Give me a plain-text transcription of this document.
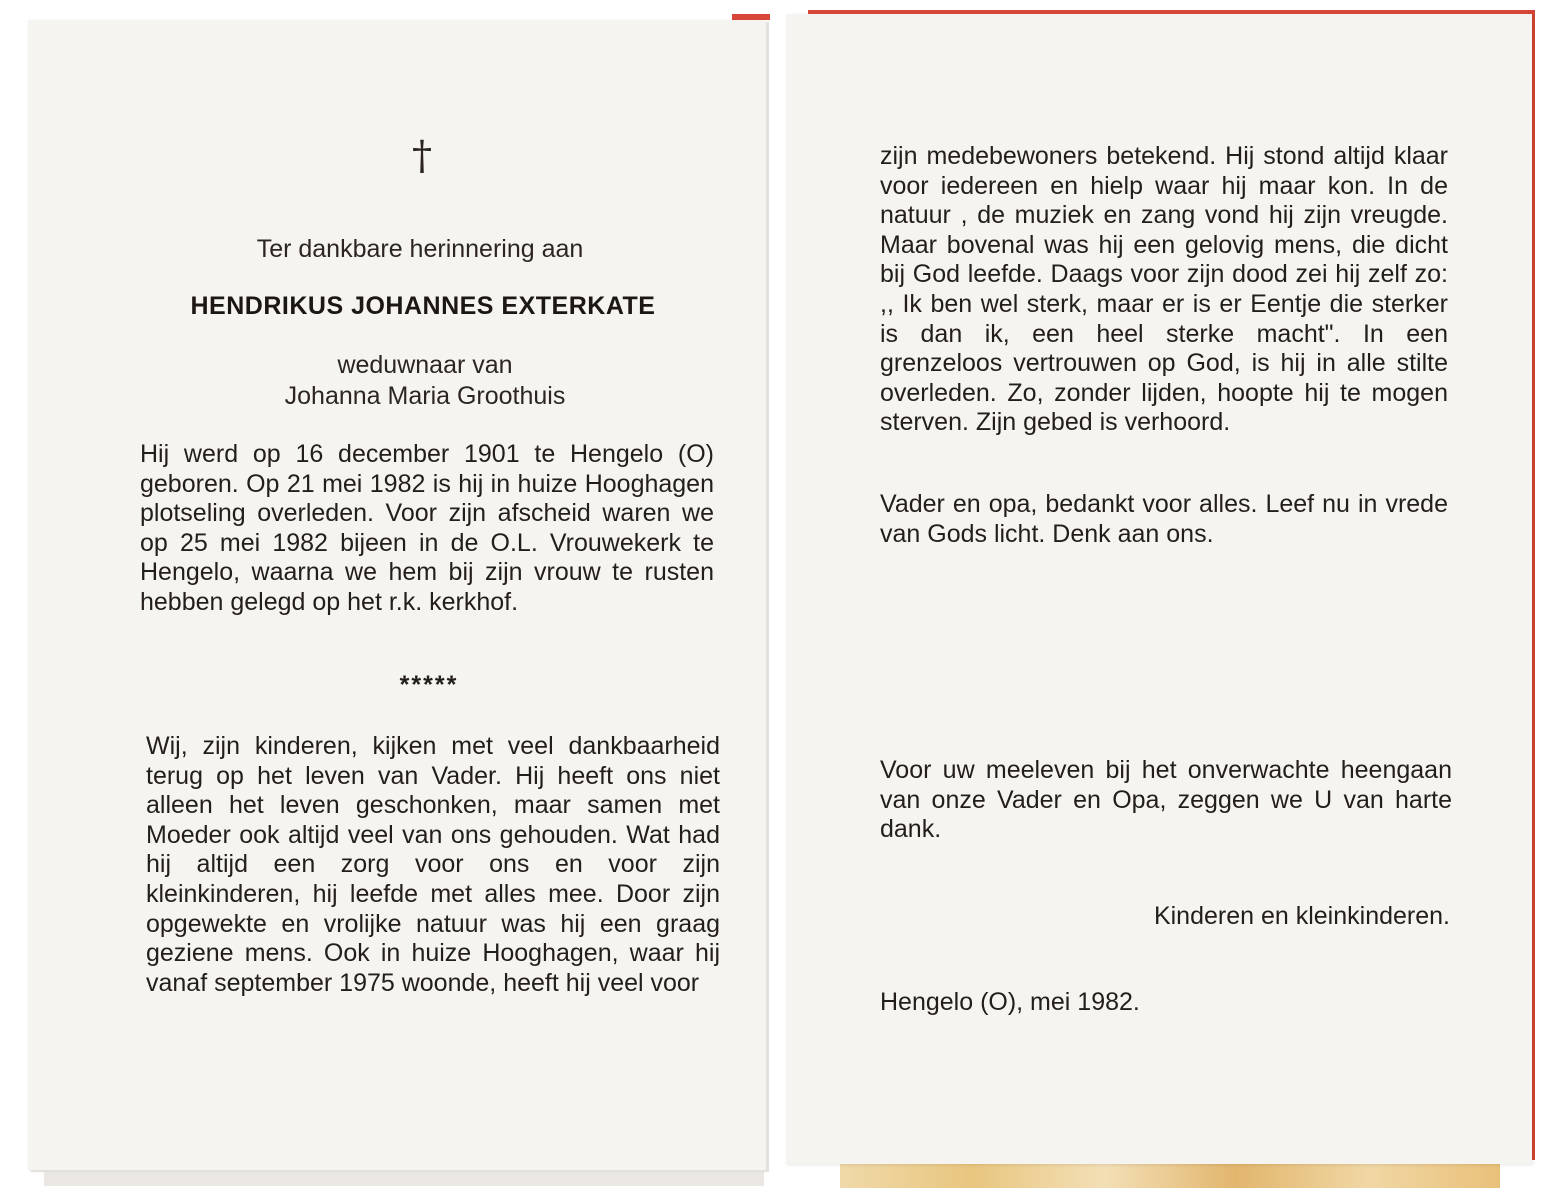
†
Ter dankbare herinnering aan
HENDRIKUS JOHANNES EXTERKATE
weduwnaar van
Johanna Maria Groothuis

Hij werd op 16 december 1901 te Hengelo (O) geboren. Op 21 mei 1982 is hij in huize Hooghagen plotseling overleden. Voor zijn afscheid waren we op 25 mei 1982 bijeen in de O.L. Vrouwekerk te Hengelo, waarna we hem bij zijn vrouw te rusten hebben gelegd op het r.k. kerkhof.

*****

Wij, zijn kinderen, kijken met veel dankbaarheid terug op het leven van Vader. Hij heeft ons niet alleen het leven geschonken, maar samen met Moeder ook altijd veel van ons gehouden. Wat had hij altijd een zorg voor ons en voor zijn kleinkinderen, hij leefde met alles mee. Door zijn opgewekte en vrolijke natuur was hij een graag geziene mens. Ook in huize Hooghagen, waar hij vanaf september 1975 woonde, heeft hij veel voor

zijn medebewoners betekend. Hij stond altijd klaar voor iedereen en hielp waar hij maar kon. In de natuur , de muziek en zang vond hij zijn vreugde. Maar bovenal was hij een gelovig mens, die dicht bij God leefde. Daags voor zijn dood zei hij zelf zo: ,, Ik ben wel sterk, maar er is er Eentje die sterker is dan ik, een heel sterke macht". In een grenzeloos vertrouwen op God, is hij in alle stilte overleden. Zo, zonder lijden, hoopte hij te mogen sterven. Zijn gebed is verhoord.

Vader en opa, bedankt voor alles. Leef nu in vrede van Gods licht. Denk aan ons.

Voor uw meeleven bij het onverwachte heengaan van onze Vader en Opa, zeggen we U van harte dank.

Kinderen en kleinkinderen.
Hengelo (O), mei 1982.
